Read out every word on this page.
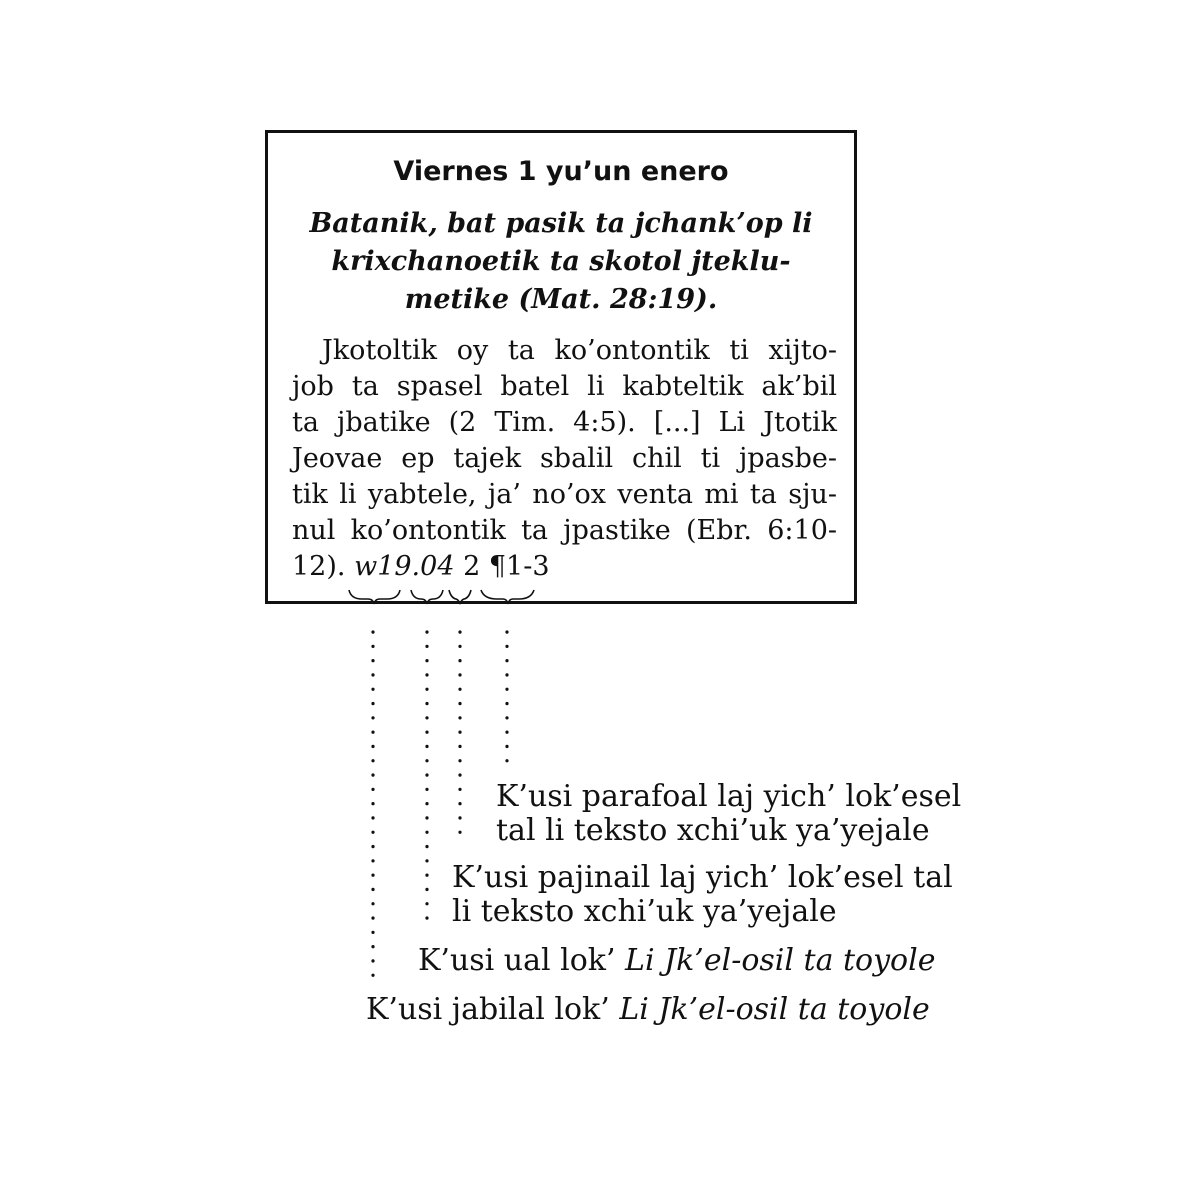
Viernes 1 yu’un enero
Batanik, bat pasik ta jchank’op li
krixchanoetik ta skotol jteklu-
metike (Mat. 28:19).
Jkotoltik oy ta ko’ontontik ti xijto-
job ta spasel batel li kabteltik ak’bil
ta jbatike (2 Tim. 4:5). [...] Li Jtotik
Jeovae ep tajek sbalil chil ti jpasbe-
tik li yabtele, ja’ no’ox venta mi ta sju-
nul ko’ontontik ta jpastike (Ebr. 6:10-
12). w19.04 2 ¶1-3
K’usi parafoal laj yich’ lok’esel
tal li teksto xchi’uk ya’yejale
K’usi pajinail laj yich’ lok’esel tal
li teksto xchi’uk ya’yejale
K’usi ual lok’ Li Jk’el-osil ta toyole
K’usi jabilal lok’ Li Jk’el-osil ta toyole
